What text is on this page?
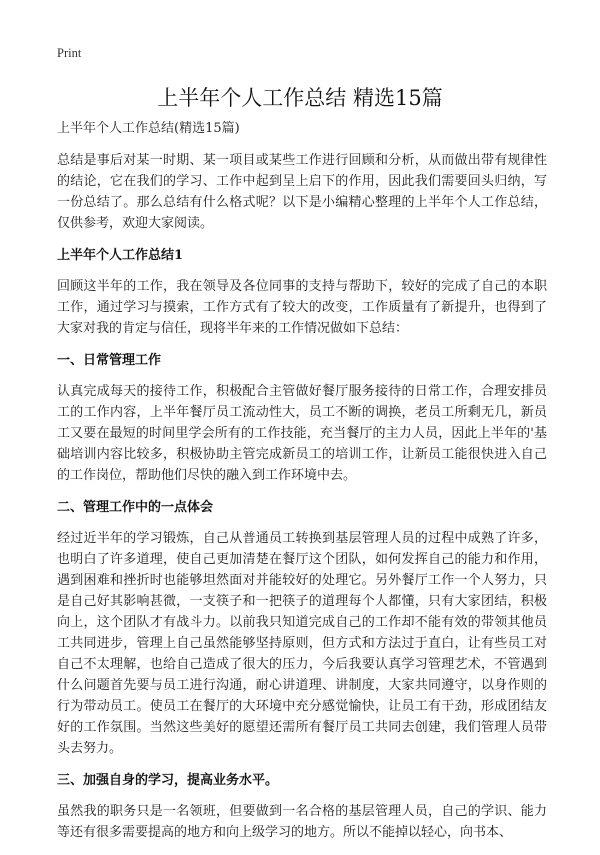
Print
上半年个人工作总结 精选15篇
上半年个人工作总结(精选15篇)

总结是事后对某一时期、某一项目或某些工作进行回顾和分析，从而做出带有规律性的结论，它在我们的学习、工作中起到呈上启下的作用，因此我们需要回头归纳，写一份总结了。那么总结有什么格式呢？以下是小编精心整理的上半年个人工作总结，仅供参考，欢迎大家阅读。

上半年个人工作总结1

回顾这半年的工作，我在领导及各位同事的支持与帮助下，较好的完成了自己的本职工作，通过学习与摸索，工作方式有了较大的改变，工作质量有了新提升，也得到了大家对我的肯定与信任，现将半年来的工作情况做如下总结：

一、日常管理工作

认真完成每天的接待工作，积极配合主管做好餐厅服务接待的日常工作，合理安排员工的工作内容，上半年餐厅员工流动性大，员工不断的调换，老员工所剩无几，新员工又要在最短的时间里学会所有的工作技能，充当餐厅的主力人员，因此上半年的'基础培训内容比较多，积极协助主管完成新员工的培训工作，让新员工能很快进入自己的工作岗位，帮助他们尽快的融入到工作环境中去。

二、管理工作中的一点体会

经过近半年的学习锻炼，自己从普通员工转换到基层管理人员的过程中成熟了许多，也明白了许多道理，使自己更加清楚在餐厅这个团队，如何发挥自己的能力和作用，遇到困难和挫折时也能够坦然面对并能较好的处理它。另外餐厅工作一个人努力，只是自己好其影响甚微，一支筷子和一把筷子的道理每个人都懂，只有大家团结，积极向上，这个团队才有战斗力。以前我只知道完成自己的工作却不能有效的带领其他员工共同进步，管理上自己虽然能够坚持原则，但方式和方法过于直白，让有些员工对自己不太理解，也给自己造成了很大的压力，今后我要认真学习管理艺术，不管遇到什么问题首先要与员工进行沟通，耐心讲道理、讲制度，大家共同遵守，以身作则的行为带动员工。使员工在餐厅的大环境中充分感觉愉快，让员工有干劲，形成团结友好的工作氛围。当然这些美好的愿望还需所有餐厅员工共同去创建，我们管理人员带头去努力。

三、加强自身的学习，提高业务水平。

虽然我的职务只是一名领班，但要做到一名合格的基层管理人员，自己的学识、能力等还有很多需要提高的地方和向上级学习的地方。所以不能掉以轻心，向书本、
